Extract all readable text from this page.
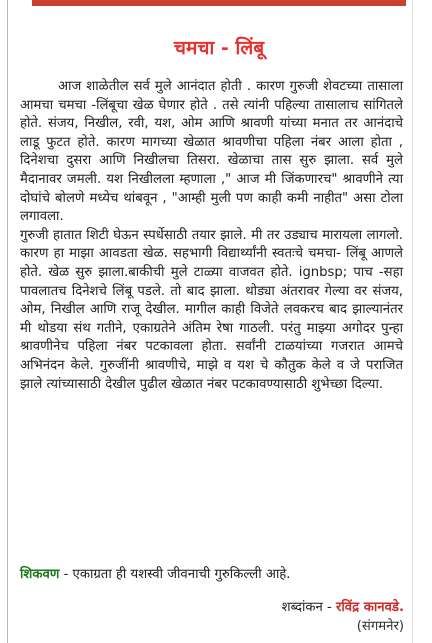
चमचा - लिंबू

आज शाळेतील सर्व मुले आनंदात होती . कारण गुरुजी शेवटच्या तासाला आमचा चमचा -लिंबूचा खेळ घेणार होते . तसे त्यांनी पहिल्या तासालाच सांगितले होते. संजय, निखील, रवी, यश, ओम आणि श्रावणी यांच्या मनात तर आनंदाचे लाडू फुटत होते. कारण मागच्या खेळात श्रावणीचा पहिला नंबर आला होता , दिनेशचा दुसरा आणि निखीलचा तिसरा. खेळाचा तास सुरु झाला. सर्व मुले मैदानावर जमली. यश निखीलला म्हणाला ," आज मी जिंकणारच" श्रावणीने त्या दोघांचे बोलणे मध्येच थांबवून , "आम्ही मुली पण काही कमी नाहीत" असा टोला लगावला.

गुरुजी हातात शिटी घेऊन स्पर्धेसाठी तयार झाले. मी तर उड्याच मारायला लागलो. कारण हा माझा आवडता खेळ. सहभागी विद्यार्थ्यांनी स्वतःचे चमचा- लिंबू आणले होते. खेळ सुरु झाला.बाकीची मुले टाळ्या वाजवत होते. ignbsp; पाच -सहा पावलातच दिनेशचे लिंबू पडले. तो बाद झाला. थोड्या अंतरावर गेल्या वर संजय, ओम, निखील आणि राजू देखील. मागील काही विजेते लवकरच बाद झाल्यानंतर मी थोडया संथ गतीने, एकाग्रतेने अंतिम रेषा गाठली. परंतु माझ्या अगोदर पुन्हा श्रावणीनेच पहिला नंबर पटकावला होता. सर्वांनी टाळयांच्या गजरात आमचे अभिनंदन केले. गुरुजींनी श्रावणीचे, माझे व यश चे कौतुक केले व जे पराजित झाले त्यांच्यासाठी देखील पुढील खेळात नंबर पटकावण्यासाठी शुभेच्छा दिल्या.

शिकवण - एकाग्रता ही यशस्वी जीवनाची गुरुकिल्ली आहे.
शब्दांकन - रविंद्र कानवडे.
(संगमनेर)
